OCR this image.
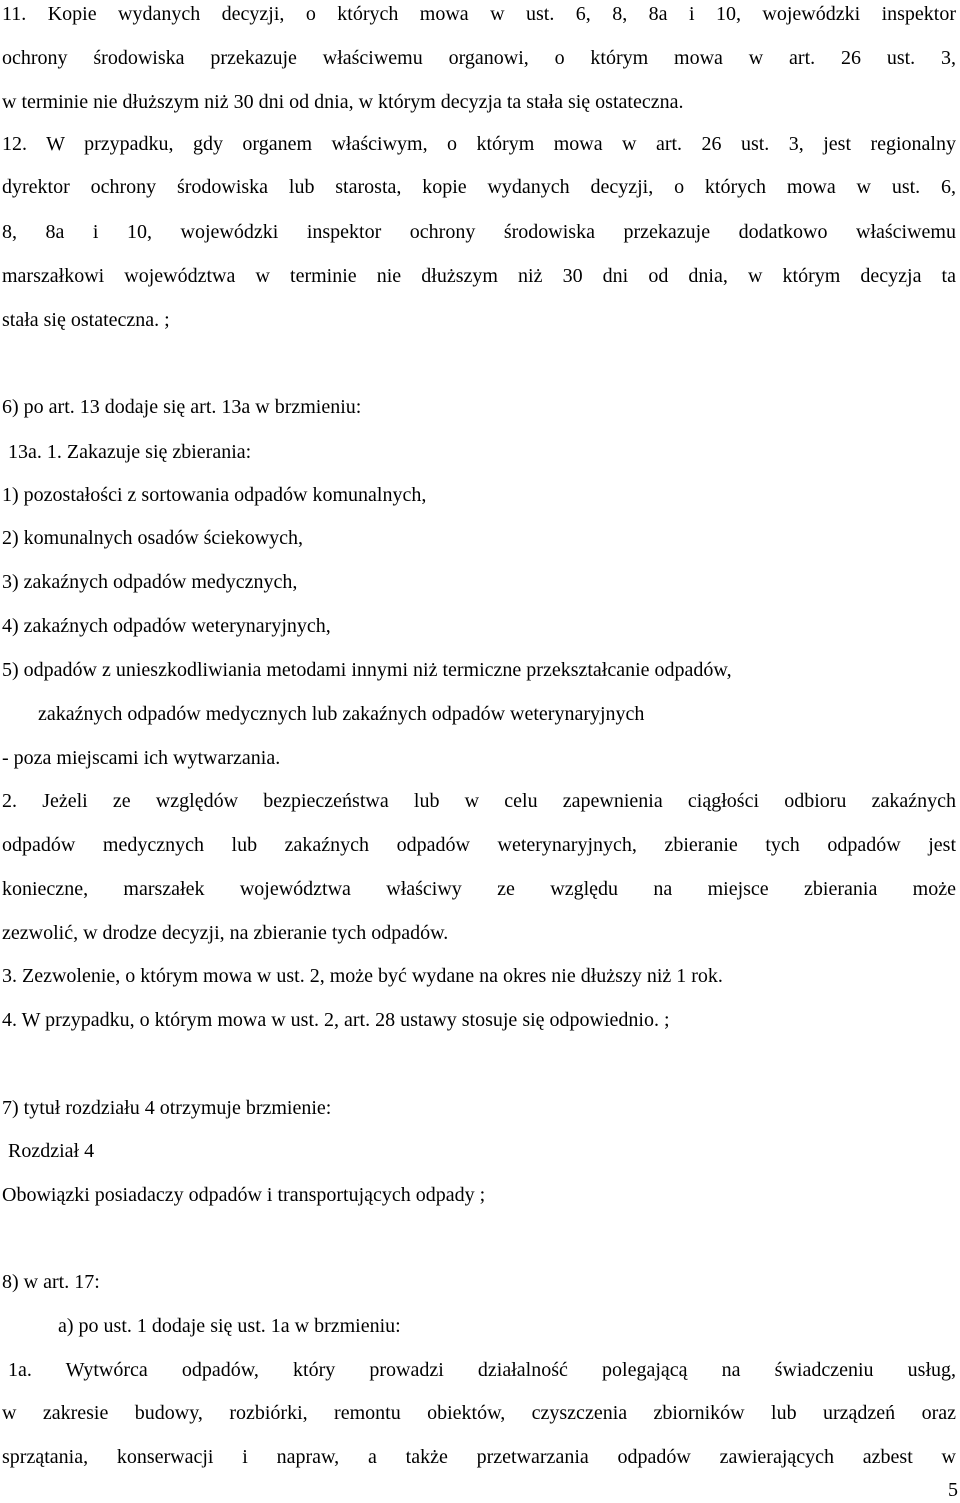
11. Kopie wydanych decyzji, o których mowa w ust. 6, 8, 8a i 10, wojewódzki inspektor
ochrony środowiska przekazuje właściwemu organowi, o którym mowa w art. 26 ust. 3,
w terminie nie dłuższym niż 30 dni od dnia, w którym decyzja ta stała się ostateczna.
12. W przypadku, gdy organem właściwym, o którym mowa w art. 26 ust. 3, jest regionalny
dyrektor ochrony środowiska lub starosta, kopie wydanych decyzji, o których mowa w ust. 6,
8, 8a i 10, wojewódzki inspektor ochrony środowiska przekazuje dodatkowo właściwemu
marszałkowi województwa w terminie nie dłuższym niż 30 dni od dnia, w którym decyzja ta
stała się ostateczna. ;
6) po art. 13 dodaje się art. 13a w brzmieniu:
13a. 1. Zakazuje się zbierania:
1) pozostałości z sortowania odpadów komunalnych,
2) komunalnych osadów ściekowych,
3) zakaźnych odpadów medycznych,
4) zakaźnych odpadów weterynaryjnych,
5) odpadów z unieszkodliwiania metodami innymi niż termiczne przekształcanie odpadów,
zakaźnych odpadów medycznych lub zakaźnych odpadów weterynaryjnych
- poza miejscami ich wytwarzania.
2. Jeżeli ze względów bezpieczeństwa lub w celu zapewnienia ciągłości odbioru zakaźnych
odpadów medycznych lub zakaźnych odpadów weterynaryjnych, zbieranie tych odpadów jest
konieczne, marszałek województwa właściwy ze względu na miejsce zbierania może
zezwolić, w drodze decyzji, na zbieranie tych odpadów.
3. Zezwolenie, o którym mowa w ust. 2, może być wydane na okres nie dłuższy niż 1 rok.
4. W przypadku, o którym mowa w ust. 2, art. 28 ustawy stosuje się odpowiednio. ;
7) tytuł rozdziału 4 otrzymuje brzmienie:
Rozdział 4
Obowiązki posiadaczy odpadów i transportujących odpady ;
8) w art. 17:
a) po ust. 1 dodaje się ust. 1a w brzmieniu:
1a. Wytwórca odpadów, który prowadzi działalność polegającą na świadczeniu usług,
w zakresie budowy, rozbiórki, remontu obiektów, czyszczenia zbiorników lub urządzeń oraz
sprzątania, konserwacji i napraw, a także przetwarzania odpadów zawierających azbest w
5
